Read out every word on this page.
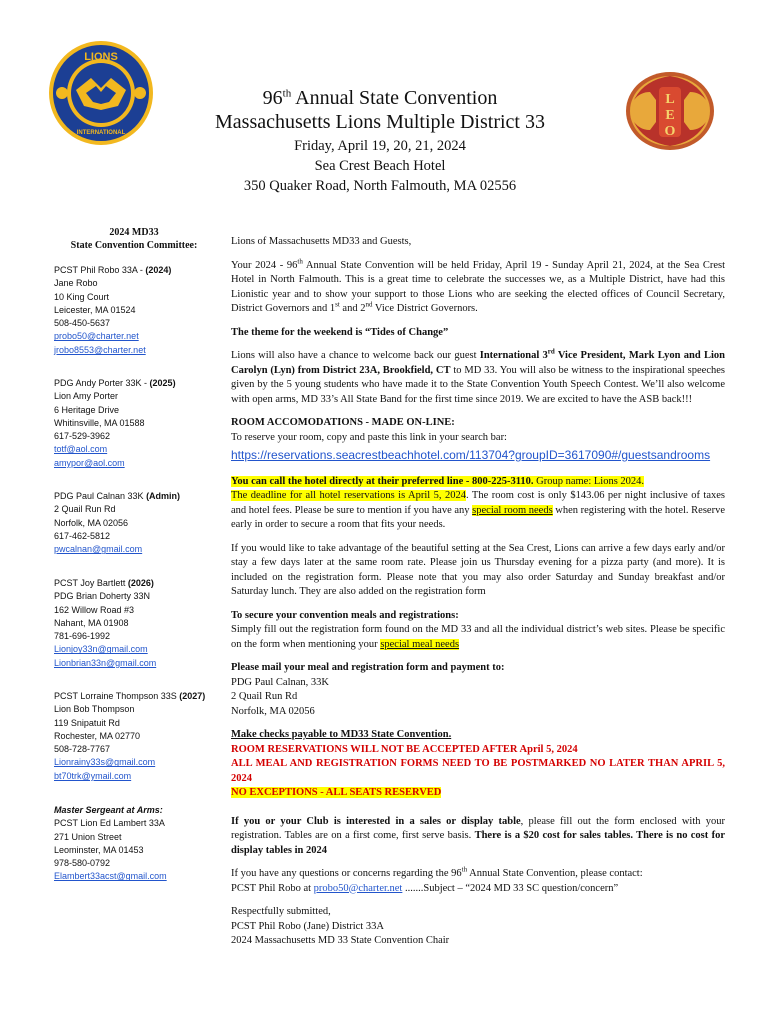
LIONS
INTERNATIONAL
L
E
O
96th Annual State Convention
Massachusetts Lions Multiple District 33
Friday, April 19, 20, 21, 2024
Sea Crest Beach Hotel
350 Quaker Road, North Falmouth, MA 02556
2024 MD33
State Convention Committee:
PCST Phil Robo 33A - (2024)
Jane Robo
10 King Court
Leicester, MA 01524
508-450-5637
probo50@charter.net
jrobo8553@charter.net
PDG Andy Porter 33K - (2025)
Lion Amy Porter
6 Heritage Drive
Whitinsville, MA 01588
617-529-3962
totf@aol.com
amypor@aol.com
PDG Paul Calnan 33K (Admin)
2 Quail Run Rd
Norfolk, MA 02056
617-462-5812
pwcalnan@gmail.com
PCST Joy Bartlett (2026)
PDG Brian Doherty 33N
162 Willow Road #3
Nahant, MA 01908
781-696-1992
Lionjoy33n@gmail.com
Lionbrian33n@gmail.com
PCST Lorraine Thompson 33S (2027)
Lion Bob Thompson
119 Snipatuit Rd
Rochester, MA 02770
508-728-7767
Lionrainy33s@gmail.com
bt70trk@ymail.com
Master Sergeant at Arms:
PCST Lion Ed Lambert 33A
271 Union Street
Leominster, MA 01453
978-580-0792
Elambert33acst@gmail.com

Lions of Massachusetts MD33 and Guests,

Your 2024 - 96th Annual State Convention will be held Friday, April 19 - Sunday April 21, 2024, at the Sea Crest Hotel in North Falmouth. This is a great time to celebrate the successes we, as a Multiple District, have had this Lionistic year and to show your support to those Lions who are seeking the elected offices of Council Secretary, District Governors and 1st and 2nd Vice District Governors.

The theme for the weekend is “Tides of Change”

Lions will also have a chance to welcome back our guest International 3rd Vice President, Mark Lyon and Lion Carolyn (Lyn) from District 23A, Brookfield, CT to MD 33. You will also be witness to the inspirational speeches given by the 5 young students who have made it to the State Convention Youth Speech Contest. We’ll also welcome with open arms, MD 33’s All State Band for the first time since 2019. We are excited to have the ASB back!!!

ROOM ACCOMODATIONS - MADE ON-LINE:

To reserve your room, copy and paste this link in your search bar:

https://reservations.seacrestbeachhotel.com/113704?groupID=3617090#/guestsandrooms

You can call the hotel directly at their preferred line - 800-225-3110. Group name: Lions 2024.
The deadline for all hotel reservations is April 5, 2024. The room cost is only $143.06 per night inclusive of taxes and hotel fees. Please be sure to mention if you have any special room needs when registering with the hotel. Reserve early in order to secure a room that fits your needs.

If you would like to take advantage of the beautiful setting at the Sea Crest, Lions can arrive a few days early and/or stay a few days later at the same room rate. Please join us Thursday evening for a pizza party (and more). It is included on the registration form. Please note that you may also order Saturday and Sunday breakfast and/or Saturday lunch. They are also added on the registration form

To secure your convention meals and registrations:

Simply fill out the registration form found on the MD 33 and all the individual district’s web sites. Please be specific on the form when mentioning your special meal needs

Please mail your meal and registration form and payment to:

PDG Paul Calnan, 33K

2 Quail Run Rd

Norfolk, MA 02056

Make checks payable to MD33 State Convention.

ROOM RESERVATIONS WILL NOT BE ACCEPTED AFTER April 5, 2024

ALL MEAL AND REGISTRATION FORMS NEED TO BE POSTMARKED NO LATER THAN APRIL 5, 2024

NO EXCEPTIONS - ALL SEATS RESERVED

If you or your Club is interested in a sales or display table, please fill out the form enclosed with your registration. Tables are on a first come, first serve basis. There is a $20 cost for sales tables. There is no cost for display tables in 2024

If you have any questions or concerns regarding the 96th Annual State Convention, please contact:

PCST Phil Robo at probo50@charter.net .......Subject – “2024 MD 33 SC question/concern”

Respectfully submitted,

PCST Phil Robo (Jane) District 33A

2024 Massachusetts MD 33 State Convention Chair
